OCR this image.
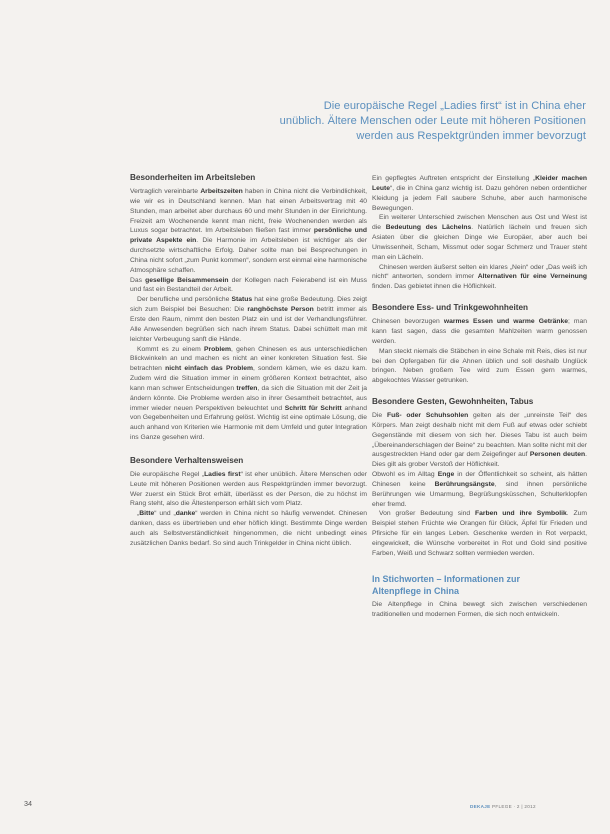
Die europäische Regel „Ladies first“ ist in China eher
unüblich. Ältere Menschen oder Leute mit höheren Positionen
werden aus Respektgründen immer bevorzugt
Besonderheiten im Arbeitsleben

Vertraglich vereinbarte Arbeitszeiten haben in China nicht die Verbindlichkeit, wie wir es in Deutschland kennen. Man hat einen Arbeitsvertrag mit 40 Stunden, man arbeitet aber durchaus 60 und mehr Stunden in der Einrichtung. Freizeit am Wochenende kennt man nicht, freie Wochenenden werden als Luxus sogar betrachtet. Im Arbeitsleben fließen fast immer persönliche und private Aspekte ein. Die Harmonie im Arbeitsleben ist wichtiger als der durchsetzte wirtschaftliche Erfolg. Daher sollte man bei Besprechungen in China nicht sofort „zum Punkt kommen“, sondern erst einmal eine harmonische Atmosphäre schaffen.

Das gesellige Beisammensein der Kollegen nach Feierabend ist ein Muss und fast ein Bestandteil der Arbeit.

Der berufliche und persönliche Status hat eine große Bedeutung. Dies zeigt sich zum Beispiel bei Besuchen: Die ranghöchste Person betritt immer als Erste den Raum, nimmt den besten Platz ein und ist der Verhandlungsführer. Alle Anwesenden begrüßen sich nach ihrem Status. Dabei schüttelt man mit leichter Verbeugung sanft die Hände.

Kommt es zu einem Problem, gehen Chinesen es aus unterschiedlichen Blickwinkeln an und machen es nicht an einer konkreten Situation fest. Sie betrachten nicht einfach das Problem, sondern kämen, wie es dazu kam. Zudem wird die Situation immer in einem größeren Kontext betrachtet, also kann man schwer Entscheidungen treffen, da sich die Situation mit der Zeit ja ändern könnte. Die Probleme werden also in ihrer Gesamtheit betrachtet, aus immer wieder neuen Perspektiven beleuchtet und Schritt für Schritt anhand von Gegebenheiten und Erfahrung gelöst. Wichtig ist eine optimale Lösung, die auch anhand von Kriterien wie Harmonie mit dem Umfeld und guter Integration ins Ganze gesehen wird.

Besondere Verhaltensweisen

Die europäische Regel „Ladies first“ ist eher unüblich. Ältere Menschen oder Leute mit höheren Positionen werden aus Respektgründen immer bevorzugt. Wer zuerst ein Stück Brot erhält, überlässt es der Person, die zu höchst im Rang steht, also die Ältestenperson erhält sich vom Platz.

„Bitte“ und „danke“ werden in China nicht so häufig verwendet. Chinesen danken, dass es übertrieben und eher höflich klingt. Bestimmte Dinge werden auch als Selbstverständlichkeit hingenommen, die nicht unbedingt eines zusätzlichen Danks bedarf. So sind auch Trinkgelder in China nicht üblich.

Ein gepflegtes Auftreten entspricht der Einstellung „Kleider machen Leute“, die in China ganz wichtig ist. Dazu gehören neben ordentlicher Kleidung ja jedem Fall saubere Schuhe, aber auch harmonische Bewegungen.

Ein weiterer Unterschied zwischen Menschen aus Ost und West ist die Bedeutung des Lächelns. Natürlich lächeln und freuen sich Asiaten über die gleichen Dinge wie Europäer, aber auch bei Unwissenheit, Scham, Missmut oder sogar Schmerz und Trauer steht man ein Lächeln.

Chinesen werden äußerst selten ein klares „Nein“ oder „Das weiß ich nicht“ antworten, sondern immer Alternativen für eine Verneinung finden. Das gebietet ihnen die Höflichkeit.

Besondere Ess- und Trinkgewohnheiten

Chinesen bevorzugen warmes Essen und warme Getränke; man kann fast sagen, dass die gesamten Mahlzeiten warm genossen werden.

Man steckt niemals die Stäbchen in eine Schale mit Reis, dies ist nur bei den Opfergaben für die Ahnen üblich und soll deshalb Unglück bringen. Neben großem Tee wird zum Essen gern warmes, abgekochtes Wasser getrunken.

Besondere Gesten, Gewohnheiten, Tabus

Die Fuß- oder Schuhsohlen gelten als der „unreinste Teil“ des Körpers. Man zeigt deshalb nicht mit dem Fuß auf etwas oder schiebt Gegenstände mit diesem von sich her. Dieses Tabu ist auch beim „Übereinanderschlagen der Beine“ zu beachten. Man sollte nicht mit der ausgestreckten Hand oder gar dem Zeigefinger auf Personen deuten. Dies gilt als grober Verstoß der Höflichkeit.

Obwohl es im Alltag Enge in der Öffentlichkeit so scheint, als hätten Chinesen keine Berührungsängste, sind ihnen persönliche Berührungen wie Umarmung, Begrüßungsküsschen, Schulterklopfen eher fremd.

Von großer Bedeutung sind Farben und ihre Symbolik. Zum Beispiel stehen Früchte wie Orangen für Glück, Äpfel für Frieden und Pfirsiche für ein langes Leben. Geschenke werden in Rot verpackt, eingewickelt, die Wünsche vorbereitet in Rot und Gold sind positive Farben, Weiß und Schwarz sollten vermieden werden.

In Stichworten – Informationen zur
Altenpflege in China

Die Altenpflege in China bewegt sich zwischen verschiedenen traditionellen und modernen Formen, die sich noch entwickeln.

34	DEKAJE PFLEGE · 2 | 2012
